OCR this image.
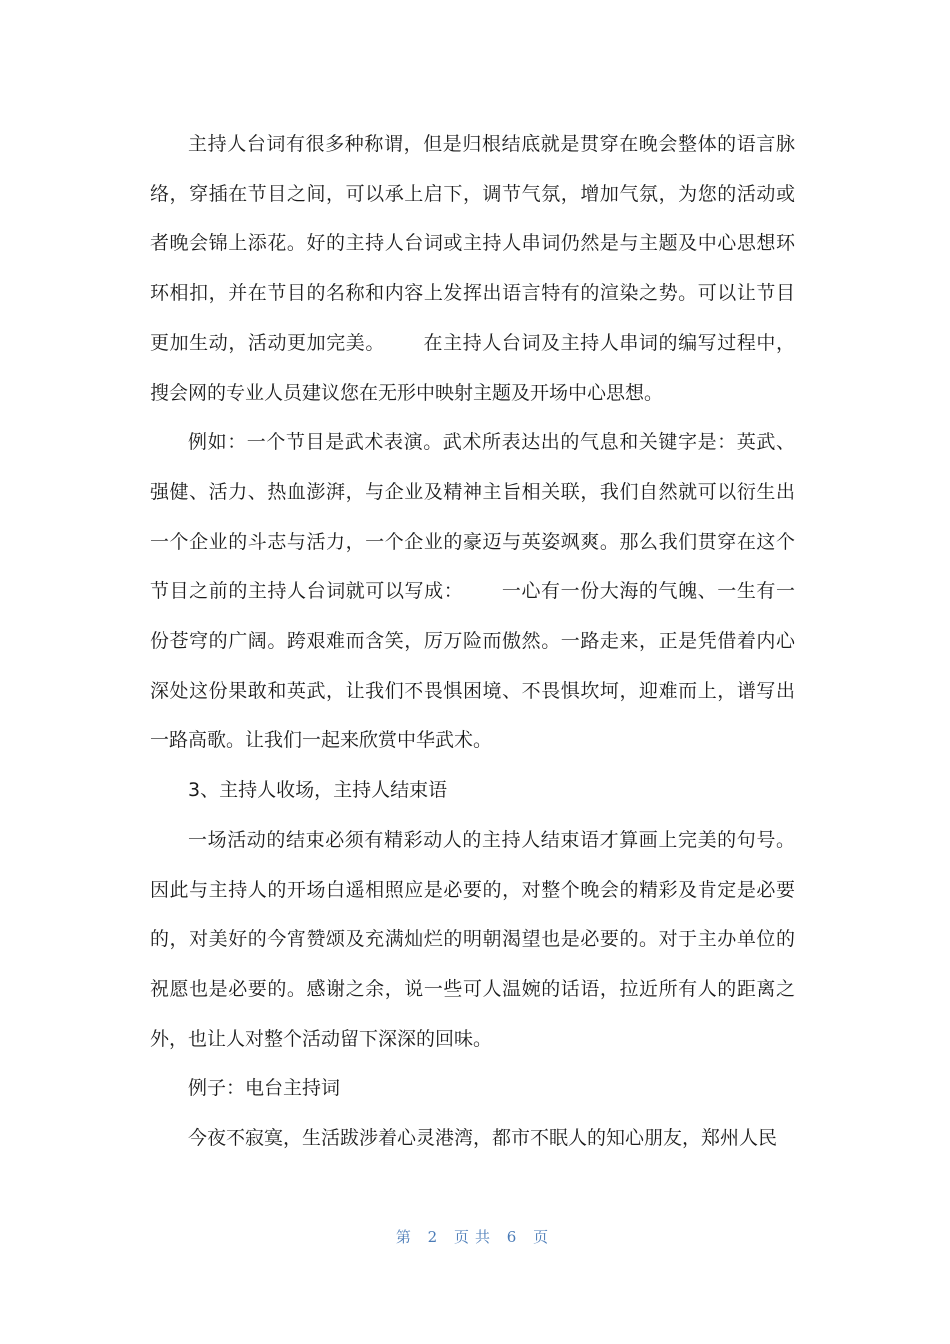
主持人台词有很多种称谓，但是归根结底就是贯穿在晚会整体的语言脉络，穿插在节目之间，可以承上启下，调节气氛，增加气氛，为您的活动或者晚会锦上添花。好的主持人台词或主持人串词仍然是与主题及中心思想环环相扣，并在节目的名称和内容上发挥出语言特有的渲染之势。可以让节目更加生动，活动更加完美。 在主持人台词及主持人串词的编写过程中，搜会网的专业人员建议您在无形中映射主题及开场中心思想。

例如：一个节目是武术表演。武术所表达出的气息和关键字是：英武、强健、活力、热血澎湃，与企业及精神主旨相关联，我们自然就可以衍生出一个企业的斗志与活力，一个企业的豪迈与英姿飒爽。那么我们贯穿在这个节目之前的主持人台词就可以写成： 一心有一份大海的气魄、一生有一份苍穹的广阔。跨艰难而含笑，厉万险而傲然。一路走来，正是凭借着内心深处这份果敢和英武，让我们不畏惧困境、不畏惧坎坷，迎难而上，谱写出一路高歌。让我们一起来欣赏中华武术。

3、主持人收场，主持人结束语

一场活动的结束必须有精彩动人的主持人结束语才算画上完美的句号。因此与主持人的开场白遥相照应是必要的，对整个晚会的精彩及肯定是必要的，对美好的今宵赞颂及充满灿烂的明朝渴望也是必要的。对于主办单位的祝愿也是必要的。感谢之余，说一些可人温婉的话语，拉近所有人的距离之外，也让人对整个活动留下深深的回味。

例子：电台主持词

今夜不寂寞，生活跋涉着心灵港湾，都市不眠人的知心朋友，郑州人民

第 2 页共 6 页
